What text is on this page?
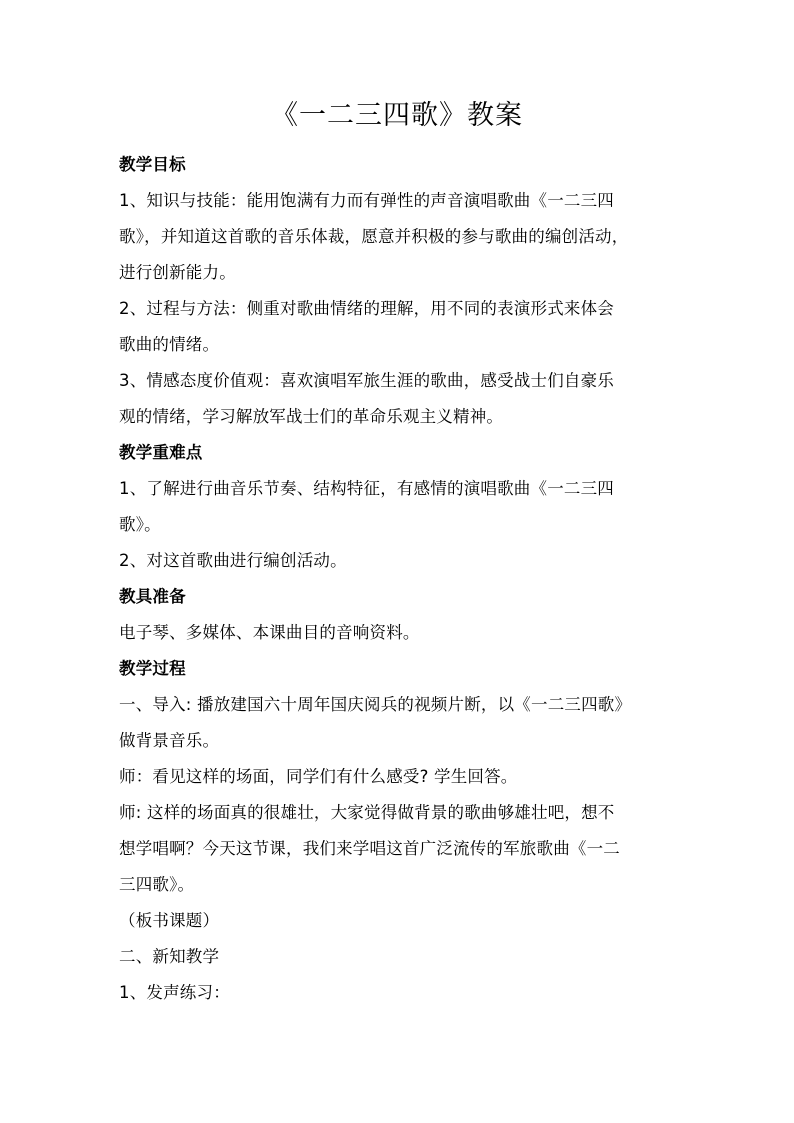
《一二三四歌》教案
教学目标
1、知识与技能：能用饱满有力而有弹性的声音演唱歌曲《一二三四
歌》，并知道这首歌的音乐体裁，愿意并积极的参与歌曲的编创活动，
进行创新能力。
2、过程与方法：侧重对歌曲情绪的理解，用不同的表演形式来体会
歌曲的情绪。
3、情感态度价值观：喜欢演唱军旅生涯的歌曲，感受战士们自豪乐
观的情绪，学习解放军战士们的革命乐观主义精神。
教学重难点
1、了解进行曲音乐节奏、结构特征，有感情的演唱歌曲《一二三四
歌》。
2、对这首歌曲进行编创活动。
教具准备
电子琴、多媒体、本课曲目的音响资料。
教学过程
一、导入: 播放建国六十周年国庆阅兵的视频片断，以《一二三四歌》
做背景音乐。
师：看见这样的场面，同学们有什么感受? 学生回答。
师: 这样的场面真的很雄壮，大家觉得做背景的歌曲够雄壮吧，想不
想学唱啊？今天这节课，我们来学唱这首广泛流传的军旅歌曲《一二
三四歌》。
（板书课题）
二、新知教学
1、发声练习：
